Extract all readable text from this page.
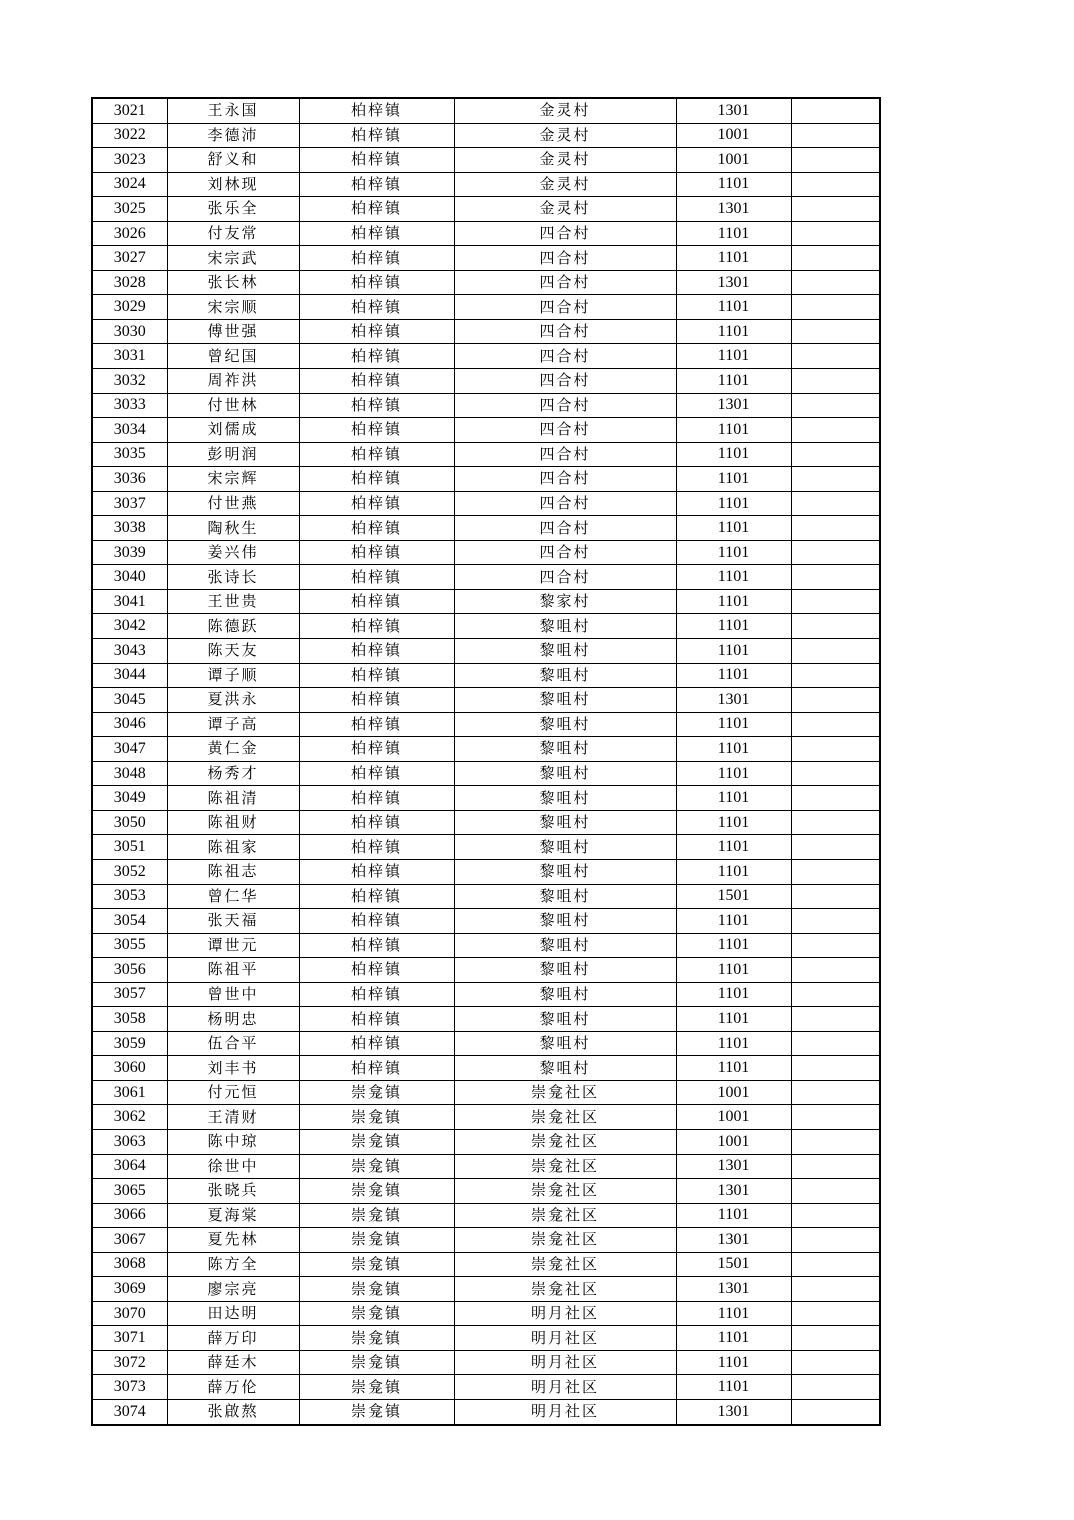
3021	王永国	柏梓镇	金灵村	1301	
3022	李德沛	柏梓镇	金灵村	1001	
3023	舒义和	柏梓镇	金灵村	1001	
3024	刘林现	柏梓镇	金灵村	1101	
3025	张乐全	柏梓镇	金灵村	1301	
3026	付友常	柏梓镇	四合村	1101	
3027	宋宗武	柏梓镇	四合村	1101	
3028	张长林	柏梓镇	四合村	1301	
3029	宋宗顺	柏梓镇	四合村	1101	
3030	傅世强	柏梓镇	四合村	1101	
3031	曾纪国	柏梓镇	四合村	1101	
3032	周祚洪	柏梓镇	四合村	1101	
3033	付世林	柏梓镇	四合村	1301	
3034	刘儒成	柏梓镇	四合村	1101	
3035	彭明润	柏梓镇	四合村	1101	
3036	宋宗辉	柏梓镇	四合村	1101	
3037	付世燕	柏梓镇	四合村	1101	
3038	陶秋生	柏梓镇	四合村	1101	
3039	姜兴伟	柏梓镇	四合村	1101	
3040	张诗长	柏梓镇	四合村	1101	
3041	王世贵	柏梓镇	黎家村	1101	
3042	陈德跃	柏梓镇	黎咀村	1101	
3043	陈天友	柏梓镇	黎咀村	1101	
3044	谭子顺	柏梓镇	黎咀村	1101	
3045	夏洪永	柏梓镇	黎咀村	1301	
3046	谭子高	柏梓镇	黎咀村	1101	
3047	黄仁金	柏梓镇	黎咀村	1101	
3048	杨秀才	柏梓镇	黎咀村	1101	
3049	陈祖清	柏梓镇	黎咀村	1101	
3050	陈祖财	柏梓镇	黎咀村	1101	
3051	陈祖家	柏梓镇	黎咀村	1101	
3052	陈祖志	柏梓镇	黎咀村	1101	
3053	曾仁华	柏梓镇	黎咀村	1501	
3054	张天福	柏梓镇	黎咀村	1101	
3055	谭世元	柏梓镇	黎咀村	1101	
3056	陈祖平	柏梓镇	黎咀村	1101	
3057	曾世中	柏梓镇	黎咀村	1101	
3058	杨明忠	柏梓镇	黎咀村	1101	
3059	伍合平	柏梓镇	黎咀村	1101	
3060	刘丰书	柏梓镇	黎咀村	1101	
3061	付元恒	崇龛镇	崇龛社区	1001	
3062	王清财	崇龛镇	崇龛社区	1001	
3063	陈中琼	崇龛镇	崇龛社区	1001	
3064	徐世中	崇龛镇	崇龛社区	1301	
3065	张晓兵	崇龛镇	崇龛社区	1301	
3066	夏海棠	崇龛镇	崇龛社区	1101	
3067	夏先林	崇龛镇	崇龛社区	1301	
3068	陈方全	崇龛镇	崇龛社区	1501	
3069	廖宗亮	崇龛镇	崇龛社区	1301	
3070	田达明	崇龛镇	明月社区	1101	
3071	薛万印	崇龛镇	明月社区	1101	
3072	薛廷木	崇龛镇	明月社区	1101	
3073	薛万伦	崇龛镇	明月社区	1101	
3074	张啟熬	崇龛镇	明月社区	1301	
